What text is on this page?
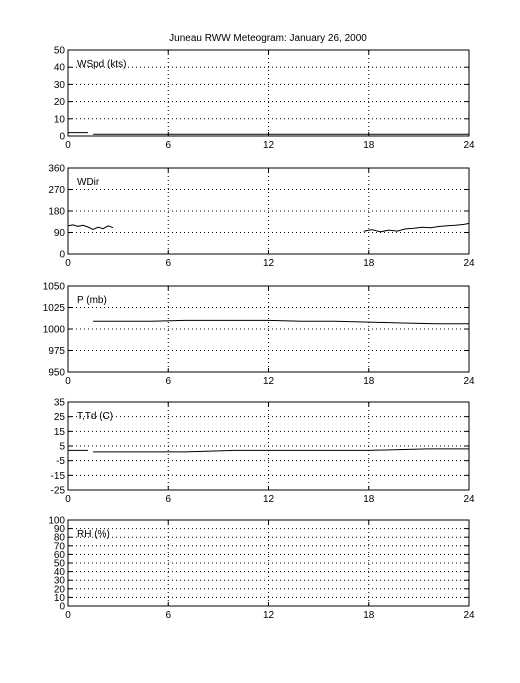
Juneau RWW Meteogram: January 26, 2000
0	6	12	18	24
0
10
20
30
40
50
WSpd (kts)
0	6	12	18	24
0
90
180
270
360
WDir
0	6	12	18	24
950
975
1000
1025
1050
P (mb)
0	6	12	18	24
-25
-15
-5
5
15
25
35
T,Td (C)
0	6	12	18	24
0
10
20
30
40
50
60
70
80
90
100
RH (%)
